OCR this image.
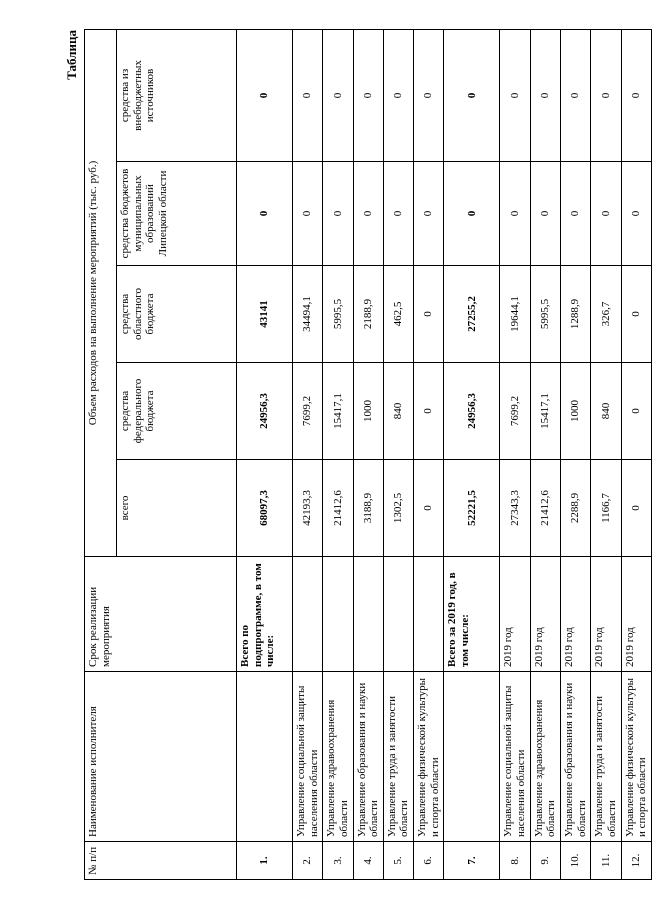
Таблица
№ п/п	Наименование исполнителя	Срок реализации мероприятия	Объем расходов на выполнение мероприятий (тыс. руб.)				
			всего	средства федерального бюджета	средства областного бюджета	средства бюджетов муниципальных образований Липецкой области	средства из внебюджетных источников
1.		Всего по подпрограмме, в том числе:	68097,3	24956,3	43141	0	0
2.	Управление социальной защиты населения области		42193,3	7699,2	34494,1	0	0
3.	Управление здравоохранения области		21412,6	15417,1	5995,5	0	0
4.	Управление образования и науки области		3188,9	1000	2188,9	0	0
5.	Управление труда и занятости области		1302,5	840	462,5	0	0
6.	Управление физической культуры и спорта области		0	0	0	0	0
7.		Всего за 2019 год, в том числе:	52221,5	24956,3	27255,2	0	0
8.	Управление социальной защиты населения области	2019 год	27343,3	7699,2	19644,1	0	0
9.	Управление здравоохранения области	2019 год	21412,6	15417,1	5995,5	0	0
10.	Управление образования и науки области	2019 год	2288,9	1000	1288,9	0	0
11.	Управление труда и занятости области	2019 год	1166,7	840	326,7	0	0
12.	Управление физической культуры и спорта области	2019 год	0	0	0	0	0
